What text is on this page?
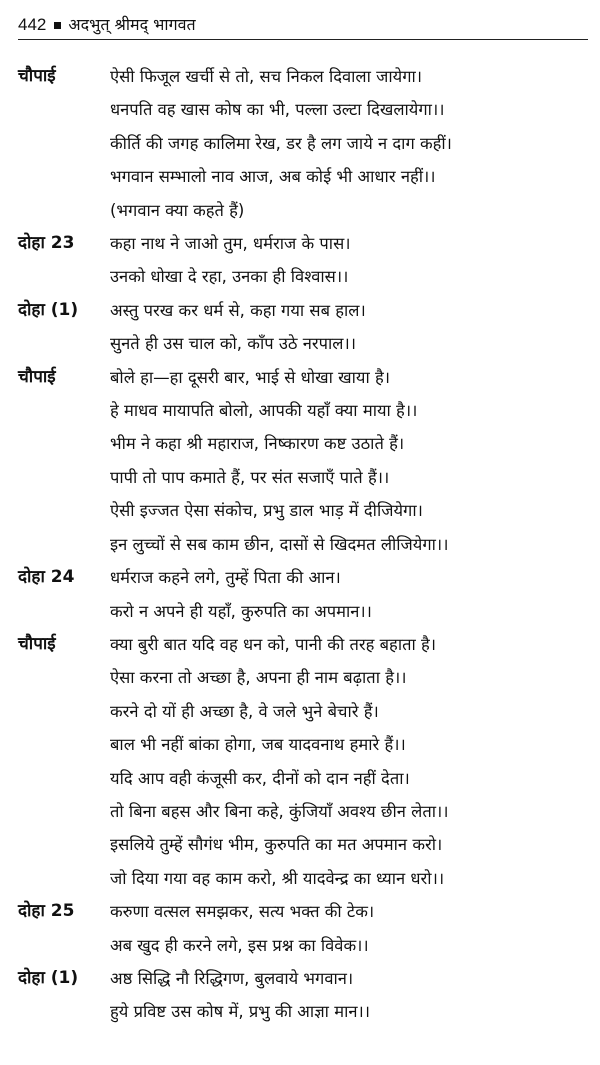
442 अदभुत् श्रीमद् भागवत
चौपाई	ऐसी फिजूल खर्ची से तो, सच निकल दिवाला जायेगा।
धनपति वह खास कोष का भी, पल्ला उल्टा दिखलायेगा।।
कीर्ति की जगह कालिमा रेख, डर है लग जाये न दाग कहीं।
भगवान सम्भालो नाव आज, अब कोई भी आधार नहीं।।
(भगवान क्या कहते हैं)
दोहा 23	कहा नाथ ने जाओ तुम, धर्मराज के पास।
उनको धोखा दे रहा, उनका ही विश्वास।।
दोहा (1)	अस्तु परख कर धर्म से, कहा गया सब हाल।
सुनते ही उस चाल को, काँप उठे नरपाल।।
चौपाई	बोले हा—हा दूसरी बार, भाई से धोखा खाया है।
हे माधव मायापति बोलो, आपकी यहाँ क्या माया है।।
भीम ने कहा श्री महाराज, निष्कारण कष्ट उठाते हैं।
पापी तो पाप कमाते हैं, पर संत सजाएँ पाते हैं।।
ऐसी इज्जत ऐसा संकोच, प्रभु डाल भाड़ में दीजियेगा।
इन लुच्चों से सब काम छीन, दासों से खिदमत लीजियेगा।।
दोहा 24	धर्मराज कहने लगे, तुम्हें पिता की आन।
करो न अपने ही यहाँ, कुरुपति का अपमान।।
चौपाई	क्या बुरी बात यदि वह धन को, पानी की तरह बहाता है।
ऐसा करना तो अच्छा है, अपना ही नाम बढ़ाता है।।
करने दो यों ही अच्छा है, वे जले भुने बेचारे हैं।
बाल भी नहीं बांका होगा, जब यादवनाथ हमारे हैं।।
यदि आप वही कंजूसी कर, दीनों को दान नहीं देता।
तो बिना बहस और बिना कहे, कुंजियाँ अवश्य छीन लेता।।
इसलिये तुम्हें सौगंध भीम, कुरुपति का मत अपमान करो।
जो दिया गया वह काम करो, श्री यादवेन्द्र का ध्यान धरो।।
दोहा 25	करुणा वत्सल समझकर, सत्य भक्त की टेक।
अब खुद ही करने लगे, इस प्रश्न का विवेक।।
दोहा (1)	अष्ठ सिद्धि नौ रिद्धिगण, बुलवाये भगवान।
हुये प्रविष्ट उस कोष में, प्रभु की आज्ञा मान।।
